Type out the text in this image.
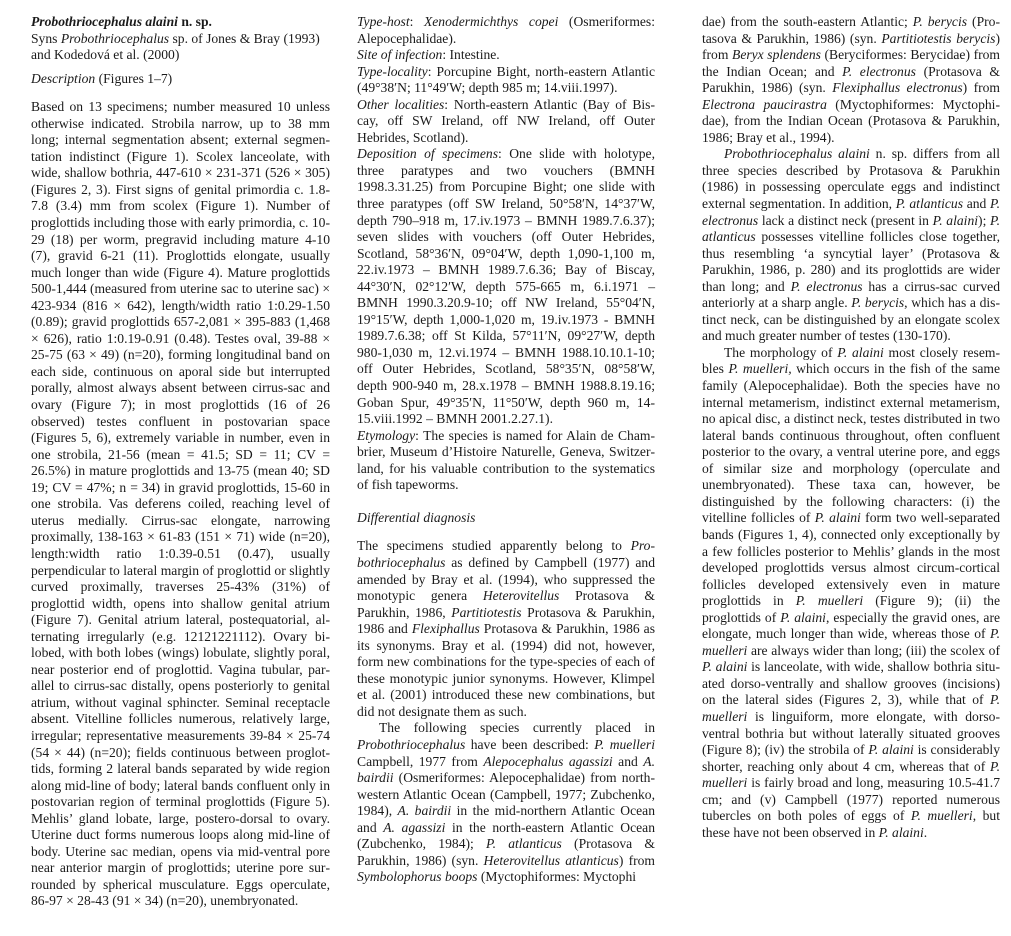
Probothriocephalus alaini n. sp.

Syns Probothriocephalus sp. of Jones & Bray (1993) and Kodedová et al. (2000)

Description (Figures 1–7)

Based on 13 specimens; number measured 10 unless otherwise indicated. Strobila narrow, up to 38 mm long; internal segmentation absent; external segmentation indistinct (Figure 1). Scolex lanceolate, with wide, shallow bothria, 447-610 × 231-371 (526 × 305) (Figures 2, 3). First signs of genital primordia c. 1.8-7.8 (3.4) mm from scolex (Figure 1). Number of proglottids including those with early primordia, c. 10-29 (18) per worm, pregravid including mature 4-10 (7), gravid 6-21 (11). Proglottids elongate, usually much longer than wide (Figure 4). Mature proglottids 500-1,444 (measured from uterine sac to uterine sac) × 423-934 (816 × 642), length/width ratio 1:0.29-1.50 (0.89); gravid proglottids 657-2,081 × 395-883 (1,468 × 626), ratio 1:0.19-0.91 (0.48). Testes oval, 39-88 × 25-75 (63 × 49) (n=20), forming longitudinal band on each side, continuous on aporal side but interrupted porally, almost always absent between cirrus-sac and ovary (Figure 7); in most proglottids (16 of 26 observed) testes confluent in postovarian space (Figures 5, 6), extremely variable in number, even in one strobila, 21-56 (mean = 41.5; SD = 11; CV = 26.5%) in mature proglottids and 13-75 (mean 40; SD 19; CV = 47%; n = 34) in gravid proglottids, 15-60 in one strobila. Vas deferens coiled, reaching level of uterus medially. Cirrus-sac elongate, narrowing proximally, 138-163 × 61-83 (151 × 71) wide (n=20), length:width ratio 1:0.39-0.51 (0.47), usually perpendicular to lateral margin of proglottid or slightly curved proximally, traverses 25-43% (31%) of proglottid width, opens into shallow genital atrium (Figure 7). Genital atrium lateral, postequatorial, alternating irregularly (e.g. 12121221112). Ovary bilobed, with both lobes (wings) lobulate, slightly poral, near posterior end of proglottid. Vagina tubular, parallel to cirrus-sac distally, opens posteriorly to genital atrium, without vaginal sphincter. Seminal receptacle absent. Vitelline follicles numerous, relatively large, irregular; representative measurements 39-84 × 25-74 (54 × 44) (n=20); fields continuous between proglottids, forming 2 lateral bands separated by wide region along mid-line of body; lateral bands confluent only in postovarian region of terminal proglottids (Figure 5). Mehlis’ gland lobate, large, postero-dorsal to ovary. Uterine duct forms numerous loops along mid-line of body. Uterine sac median, opens via mid-ventral pore near anterior margin of proglottids; uterine pore surrounded by spherical musculature. Eggs operculate, 86-97 × 28-43 (91 × 34) (n=20), unembryonated.

Type-host: Xenodermichthys copei (Osmeriformes: Alepocephalidae).

Site of infection: Intestine.

Type-locality: Porcupine Bight, north-eastern Atlantic (49°38′N; 11°49′W; depth 985 m; 14.viii.1997).

Other localities: North-eastern Atlantic (Bay of Biscay, off SW Ireland, off NW Ireland, off Outer Hebrides, Scotland).

Deposition of specimens: One slide with holotype, three paratypes and two vouchers (BMNH 1998.3.31.25) from Porcupine Bight; one slide with three paratypes (off SW Ireland, 50°58′N, 14°37′W, depth 790–918 m, 17.iv.1973 – BMNH 1989.7.6.37); seven slides with vouchers (off Outer Hebrides, Scotland, 58°36′N, 09°04′W, depth 1,090-1,100 m, 22.iv.1973 – BMNH 1989.7.6.36; Bay of Biscay, 44°30′N, 02°12′W, depth 575-665 m, 6.i.1971 – BMNH 1990.3.20.9-10; off NW Ireland, 55°04′N, 19°15′W, depth 1,000-1,020 m, 19.iv.1973 - BMNH 1989.7.6.38; off St Kilda, 57°11′N, 09°27′W, depth 980-1,030 m, 12.vi.1974 – BMNH 1988.10.10.1-10; off Outer Hebrides, Scotland, 58°35′N, 08°58′W, depth 900-940 m, 28.x.1978 – BMNH 1988.8.19.16; Goban Spur, 49°35′N, 11°50′W, depth 960 m, 14-15.viii.1992 – BMNH 2001.2.27.1).

Etymology: The species is named for Alain de Chambrier, Museum d’Histoire Naturelle, Geneva, Switzerland, for his valuable contribution to the systematics of fish tapeworms.

Differential diagnosis

The specimens studied apparently belong to Probothriocephalus as defined by Campbell (1977) and amended by Bray et al. (1994), who suppressed the monotypic genera Heterovitellus Protasova & Parukhin, 1986, Partitiotestis Protasova & Parukhin, 1986 and Flexiphallus Protasova & Parukhin, 1986 as its synonyms. Bray et al. (1994) did not, however, form new combinations for the type-species of each of these monotypic junior synonyms. However, Klimpel et al. (2001) introduced these new combinations, but did not designate them as such.

The following species currently placed in Probothriocephalus have been described: P. muelleri Campbell, 1977 from Alepocephalus agassizi and A. bairdii (Osmeriformes: Alepocephalidae) from north-western Atlantic Ocean (Campbell, 1977; Zubchenko, 1984), A. bairdii in the mid-northern Atlantic Ocean and A. agassizi in the north-eastern Atlantic Ocean (Zubchenko, 1984); P. atlanticus (Protasova & Parukhin, 1986) (syn. Heterovitellus atlanticus) from Symbolophorus boops (Myctophiformes: Myctophi

dae) from the south-eastern Atlantic; P. berycis (Protasova & Parukhin, 1986) (syn. Partitiotestis berycis) from Beryx splendens (Beryciformes: Berycidae) from the Indian Ocean; and P. electronus (Protasova & Parukhin, 1986) (syn. Flexiphallus electronus) from Electrona paucirastra (Myctophiformes: Myctophidae), from the Indian Ocean (Protasova & Parukhin, 1986; Bray et al., 1994).

Probothriocephalus alaini n. sp. differs from all three species described by Protasova & Parukhin (1986) in possessing operculate eggs and indistinct external segmentation. In addition, P. atlanticus and P. electronus lack a distinct neck (present in P. alaini); P. atlanticus possesses vitelline follicles close together, thus resembling ‘a syncytial layer’ (Protasova & Parukhin, 1986, p. 280) and its proglottids are wider than long; and P. electronus has a cirrus-sac curved anteriorly at a sharp angle. P. berycis, which has a distinct neck, can be distinguished by an elongate scolex and much greater number of testes (130-170).

The morphology of P. alaini most closely resembles P. muelleri, which occurs in the fish of the same family (Alepocephalidae). Both the species have no internal metamerism, indistinct external metamerism, no apical disc, a distinct neck, testes distributed in two lateral bands continuous throughout, often confluent posterior to the ovary, a ventral uterine pore, and eggs of similar size and morphology (operculate and unembryonated). These taxa can, however, be distinguished by the following characters: (i) the vitelline follicles of P. alaini form two well-separated bands (Figures 1, 4), connected only exceptionally by a few follicles posterior to Mehlis’ glands in the most developed proglottids versus almost circum-cortical follicles developed extensively even in mature proglottids in P. muelleri (Figure 9); (ii) the proglottids of P. alaini, especially the gravid ones, are elongate, much longer than wide, whereas those of P. muelleri are always wider than long; (iii) the scolex of P. alaini is lanceolate, with wide, shallow bothria situated dorso-ventrally and shallow grooves (incisions) on the lateral sides (Figures 2, 3), while that of P. muelleri is linguiform, more elongate, with dorsoventral bothria but without laterally situated grooves (Figure 8); (iv) the strobila of P. alaini is considerably shorter, reaching only about 4 cm, whereas that of P. muelleri is fairly broad and long, measuring 10.5-41.7 cm; and (v) Campbell (1977) reported numerous tubercles on both poles of eggs of P. muelleri, but these have not been observed in P. alaini.
